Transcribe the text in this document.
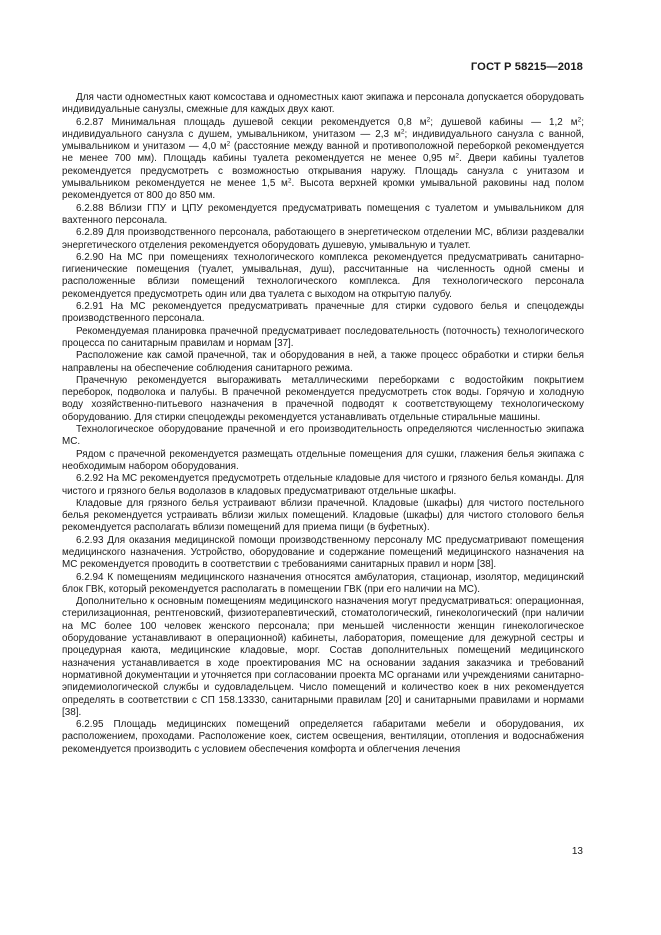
ГОСТ Р 58215—2018

Для части одноместных кают комсостава и одноместных кают экипажа и персонала допускается оборудовать индивидуальные санузлы, смежные для каждых двух кают.

6.2.87 Минимальная площадь душевой секции рекомендуется 0,8 $м^2$; душевой кабины — 1,2 $м^2$; индивидуального санузла с душем, умывальником, унитазом — 2,3 $м^2$; индивидуального санузла с ванной, умывальником и унитазом — 4,0 $м^2$ (расстояние между ванной и противоположной переборкой рекомендуется не менее 700 мм). Площадь кабины туалета рекомендуется не менее 0,95 $м^2$. Двери кабины туалетов рекомендуется предусмотреть с возможностью открывания наружу. Площадь санузла с унитазом и умывальником рекомендуется не менее 1,5 $м^2$. Высота верхней кромки умывальной раковины над полом рекомендуется от 800 до 850 мм.

6.2.88 Вблизи ГПУ и ЦПУ рекомендуется предусматривать помещения с туалетом и умывальником для вахтенного персонала.

6.2.89 Для производственного персонала, работающего в энергетическом отделении МС, вблизи раздевалки энергетического отделения рекомендуется оборудовать душевую, умывальную и туалет.

6.2.90 На МС при помещениях технологического комплекса рекомендуется предусматривать санитарно-гигиенические помещения (туалет, умывальная, душ), рассчитанные на численность одной смены и расположенные вблизи помещений технологического комплекса. Для технологического персонала рекомендуется предусмотреть один или два туалета с выходом на открытую палубу.

6.2.91 На МС рекомендуется предусматривать прачечные для стирки судового белья и спецодежды производственного персонала.

Рекомендуемая планировка прачечной предусматривает последовательность (поточность) технологического процесса по санитарным правилам и нормам [37].

Расположение как самой прачечной, так и оборудования в ней, а также процесс обработки и стирки белья направлены на обеспечение соблюдения санитарного режима.

Прачечную рекомендуется выгораживать металлическими переборками с водостойким покрытием переборок, подволока и палубы. В прачечной рекомендуется предусмотреть сток воды. Горячую и холодную воду хозяйственно-питьевого назначения в прачечной подводят к соответствующему технологическому оборудованию. Для стирки спецодежды рекомендуется устанавливать отдельные стиральные машины.

Технологическое оборудование прачечной и его производительность определяются численностью экипажа МС.

Рядом с прачечной рекомендуется размещать отдельные помещения для сушки, глажения белья экипажа с необходимым набором оборудования.

6.2.92 На МС рекомендуется предусмотреть отдельные кладовые для чистого и грязного белья команды. Для чистого и грязного белья водолазов в кладовых предусматривают отдельные шкафы.

Кладовые для грязного белья устраивают вблизи прачечной. Кладовые (шкафы) для чистого постельного белья рекомендуется устраивать вблизи жилых помещений. Кладовые (шкафы) для чистого столового белья рекомендуется располагать вблизи помещений для приема пищи (в буфетных).

6.2.93 Для оказания медицинской помощи производственному персоналу МС предусматривают помещения медицинского назначения. Устройство, оборудование и содержание помещений медицинского назначения на МС рекомендуется проводить в соответствии с требованиями санитарных правил и норм [38].

6.2.94 К помещениям медицинского назначения относятся амбулатория, стационар, изолятор, медицинский блок ГВК, который рекомендуется располагать в помещении ГВК (при его наличии на МС).

Дополнительно к основным помещениям медицинского назначения могут предусматриваться: операционная, стерилизационная, рентгеновский, физиотерапевтический, стоматологический, гинекологический (при наличии на МС более 100 человек женского персонала; при меньшей численности женщин гинекологическое оборудование устанавливают в операционной) кабинеты, лаборатория, помещение для дежурной сестры и процедурная каюта, медицинские кладовые, морг. Состав дополнительных помещений медицинского назначения устанавливается в ходе проектирования МС на основании задания заказчика и требований нормативной документации и уточняется при согласовании проекта МС органами или учреждениями санитарно-эпидемиологической службы и судовладельцем. Число помещений и количество коек в них рекомендуется определять в соответствии с СП 158.13330, санитарными правилам [20] и санитарными правилами и нормами [38].

6.2.95 Площадь медицинских помещений определяется габаритами мебели и оборудования, их расположением, проходами. Расположение коек, систем освещения, вентиляции, отопления и водоснабжения рекомендуется производить с условием обеспечения комфорта и облегчения лечения

13
